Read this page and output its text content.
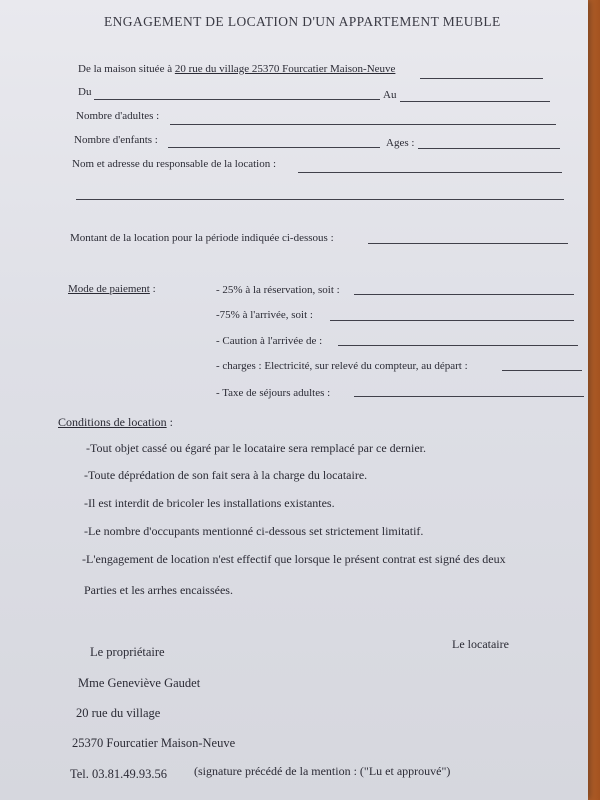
ENGAGEMENT DE LOCATION D'UN APPARTEMENT MEUBLE
De la maison située à 20 rue du village 25370 Fourcatier Maison-Neuve
Du	Au
Nombre d'adultes :
Nombre d'enfants :	Ages :
Nom et adresse du responsable de la location :
Montant de la location pour la période indiquée ci-dessous :
Mode de paiement :	- 25% à la réservation, soit :
-75% à l'arrivée, soit :
- Caution à l'arrivée de :
- charges : Electricité, sur relevé du compteur, au départ :
- Taxe de séjours adultes :
Conditions de location :
-Tout objet cassé ou égaré par le locataire sera remplacé par ce dernier.
-Toute déprédation de son fait sera à la charge du locataire.
-Il est interdit de bricoler les installations existantes.
-Le nombre d'occupants mentionné ci-dessous set strictement limitatif.
-L'engagement de location n'est effectif que lorsque le présent contrat est signé des deux
Parties et les arrhes encaissées.
Le locataire
Le propriétaire
Mme Geneviève Gaudet
20 rue du village
25370 Fourcatier Maison-Neuve
Tel. 03.81.49.93.56 (signature précédé de la mention : ("Lu et approuvé")
